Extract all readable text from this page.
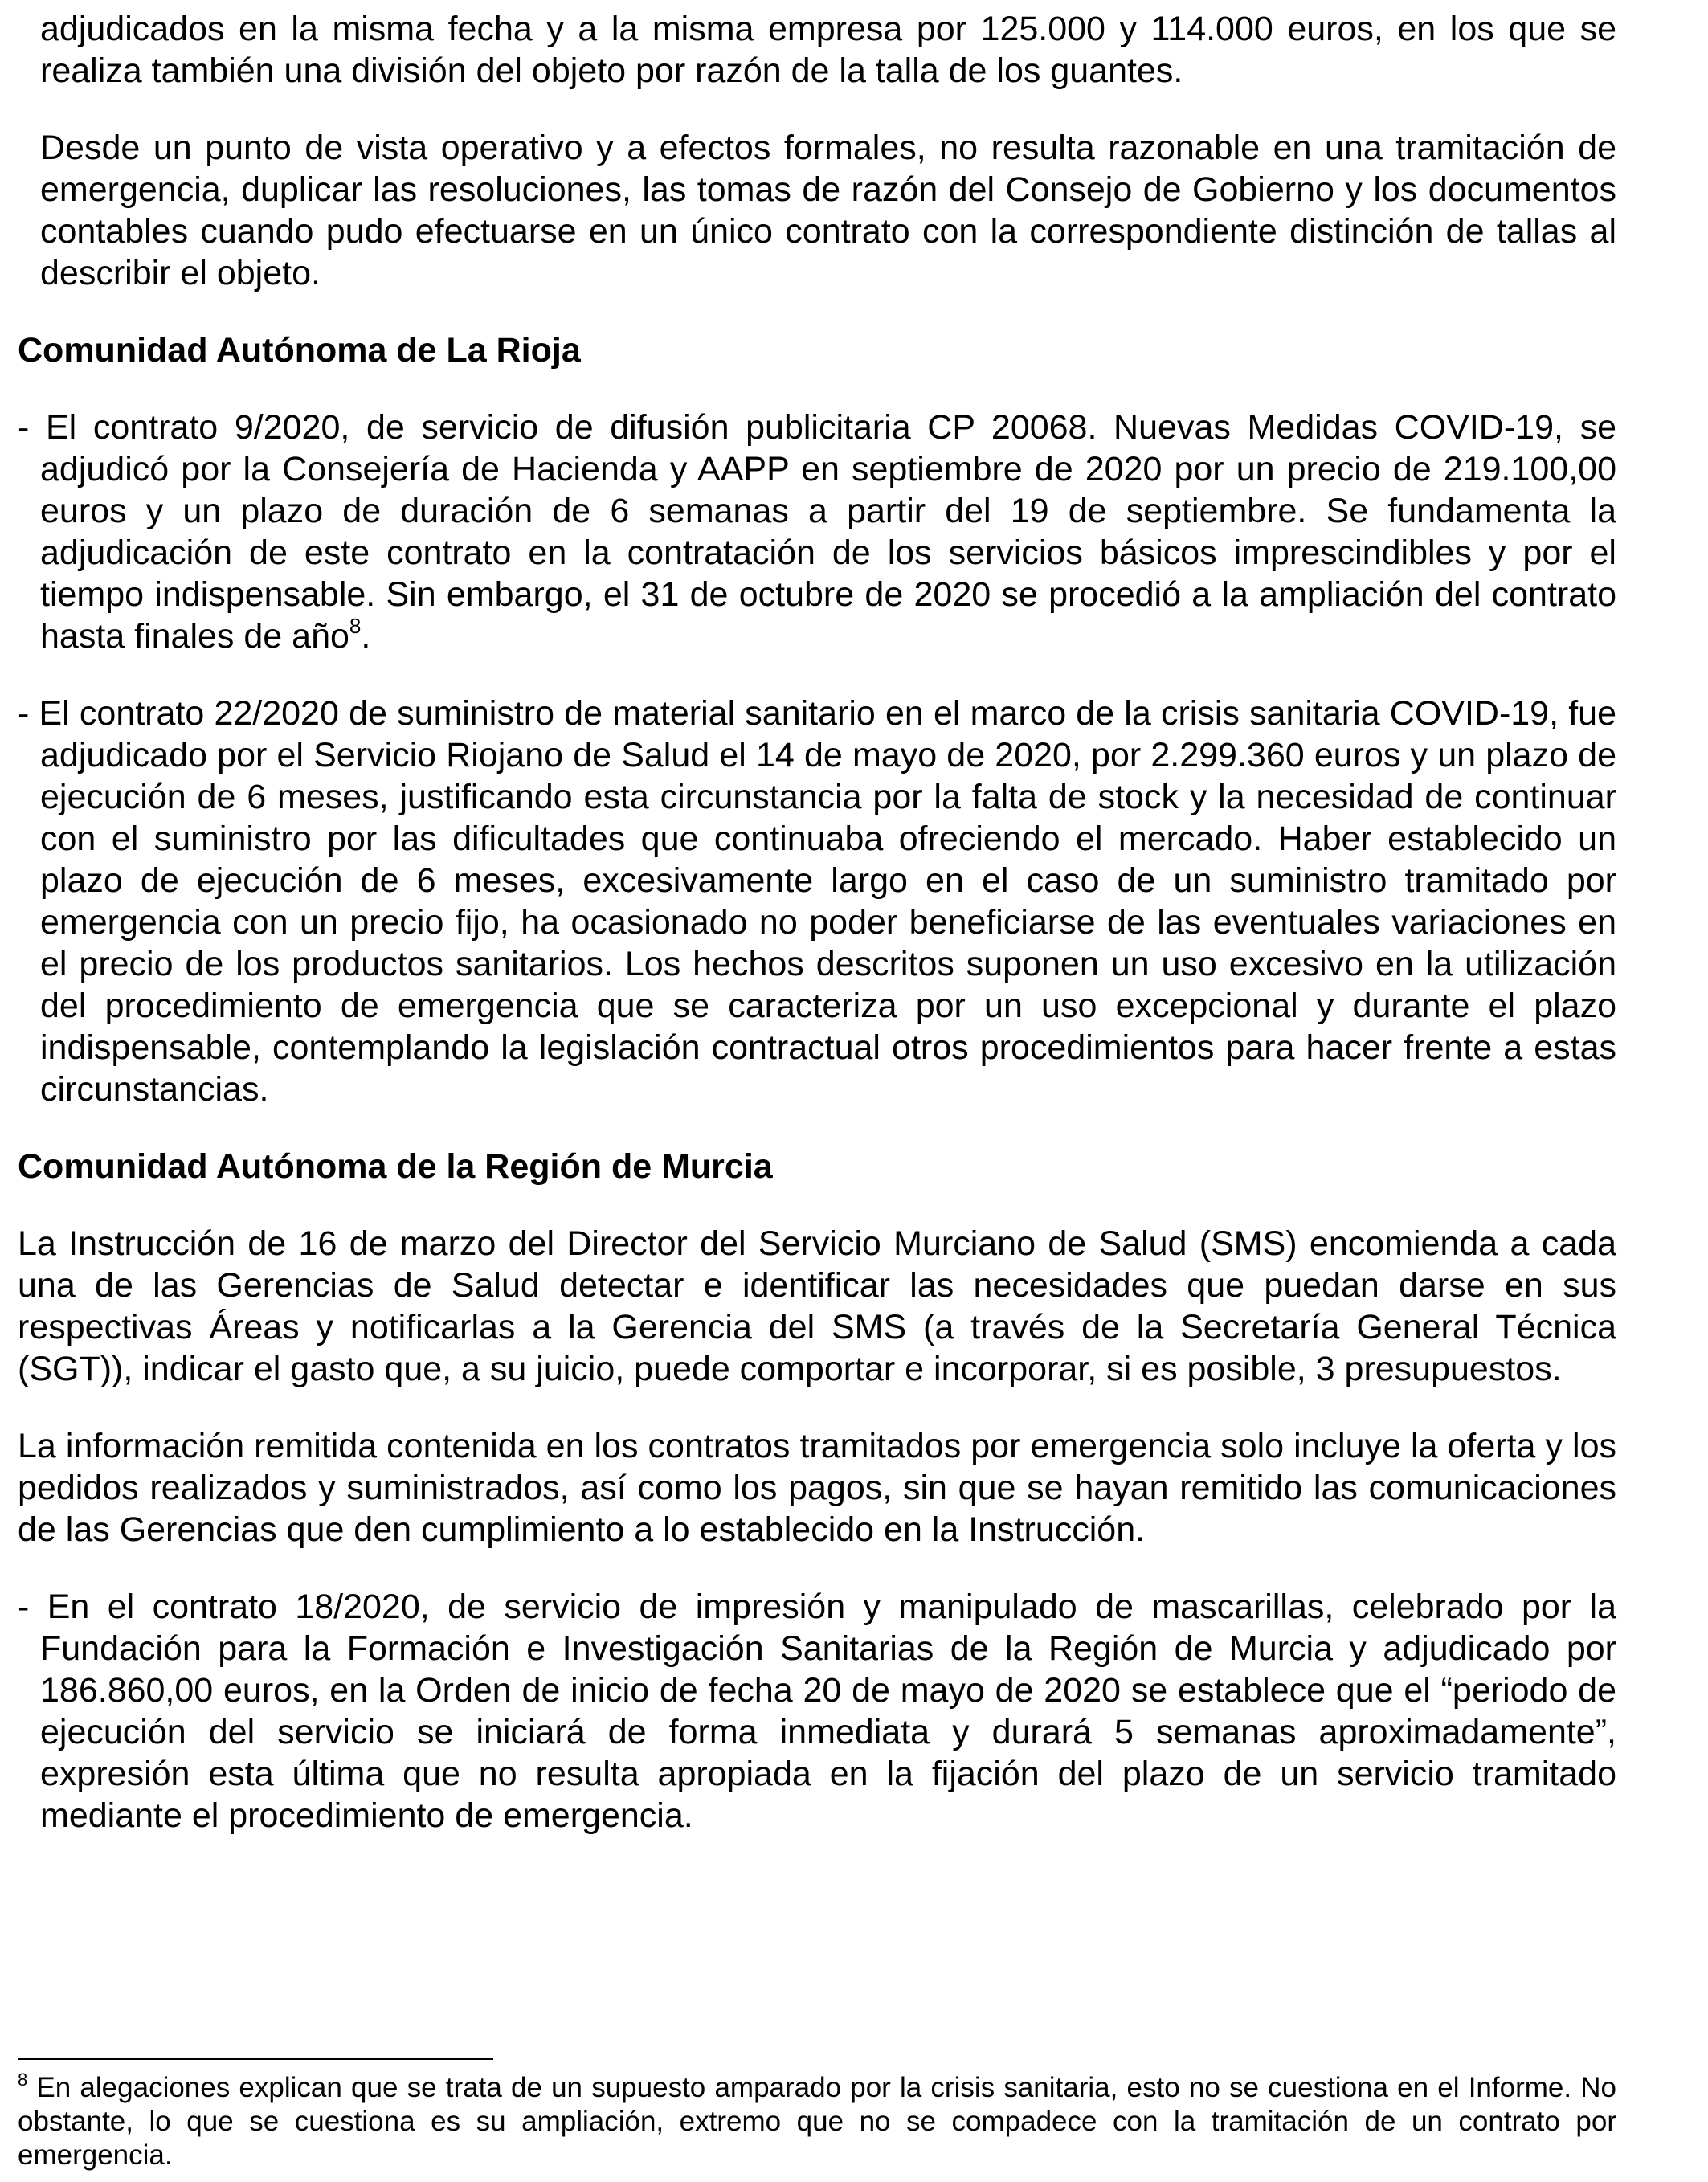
adjudicados en la misma fecha y a la misma empresa por 125.000 y 114.000 euros, en los que se realiza también una división del objeto por razón de la talla de los guantes.

Desde un punto de vista operativo y a efectos formales, no resulta razonable en una tramitación de emergencia, duplicar las resoluciones, las tomas de razón del Consejo de Gobierno y los documentos contables cuando pudo efectuarse en un único contrato con la correspondiente distinción de tallas al describir el objeto.

Comunidad Autónoma de La Rioja

- El contrato 9/2020, de servicio de difusión publicitaria CP 20068. Nuevas Medidas COVID-19, se adjudicó por la Consejería de Hacienda y AAPP en septiembre de 2020 por un precio de 219.100,00 euros y un plazo de duración de 6 semanas a partir del 19 de septiembre. Se fundamenta la adjudicación de este contrato en la contratación de los servicios básicos imprescindibles y por el tiempo indispensable. Sin embargo, el 31 de octubre de 2020 se procedió a la ampliación del contrato hasta finales de año$^8$.

- El contrato 22/2020 de suministro de material sanitario en el marco de la crisis sanitaria COVID-19, fue adjudicado por el Servicio Riojano de Salud el 14 de mayo de 2020, por 2.299.360 euros y un plazo de ejecución de 6 meses, justificando esta circunstancia por la falta de stock y la necesidad de continuar con el suministro por las dificultades que continuaba ofreciendo el mercado. Haber establecido un plazo de ejecución de 6 meses, excesivamente largo en el caso de un suministro tramitado por emergencia con un precio fijo, ha ocasionado no poder beneficiarse de las eventuales variaciones en el precio de los productos sanitarios. Los hechos descritos suponen un uso excesivo en la utilización del procedimiento de emergencia que se caracteriza por un uso excepcional y durante el plazo indispensable, contemplando la legislación contractual otros procedimientos para hacer frente a estas circunstancias.

Comunidad Autónoma de la Región de Murcia

La Instrucción de 16 de marzo del Director del Servicio Murciano de Salud (SMS) encomienda a cada una de las Gerencias de Salud detectar e identificar las necesidades que puedan darse en sus respectivas Áreas y notificarlas a la Gerencia del SMS (a través de la Secretaría General Técnica (SGT)), indicar el gasto que, a su juicio, puede comportar e incorporar, si es posible, 3 presupuestos.

La información remitida contenida en los contratos tramitados por emergencia solo incluye la oferta y los pedidos realizados y suministrados, así como los pagos, sin que se hayan remitido las comunicaciones de las Gerencias que den cumplimiento a lo establecido en la Instrucción.

- En el contrato 18/2020, de servicio de impresión y manipulado de mascarillas, celebrado por la Fundación para la Formación e Investigación Sanitarias de la Región de Murcia y adjudicado por 186.860,00 euros, en la Orden de inicio de fecha 20 de mayo de 2020 se establece que el “periodo de ejecución del servicio se iniciará de forma inmediata y durará 5 semanas aproximadamente”, expresión esta última que no resulta apropiada en la fijación del plazo de un servicio tramitado mediante el procedimiento de emergencia.

$^8$ En alegaciones explican que se trata de un supuesto amparado por la crisis sanitaria, esto no se cuestiona en el Informe. No obstante, lo que se cuestiona es su ampliación, extremo que no se compadece con la tramitación de un contrato por emergencia.
